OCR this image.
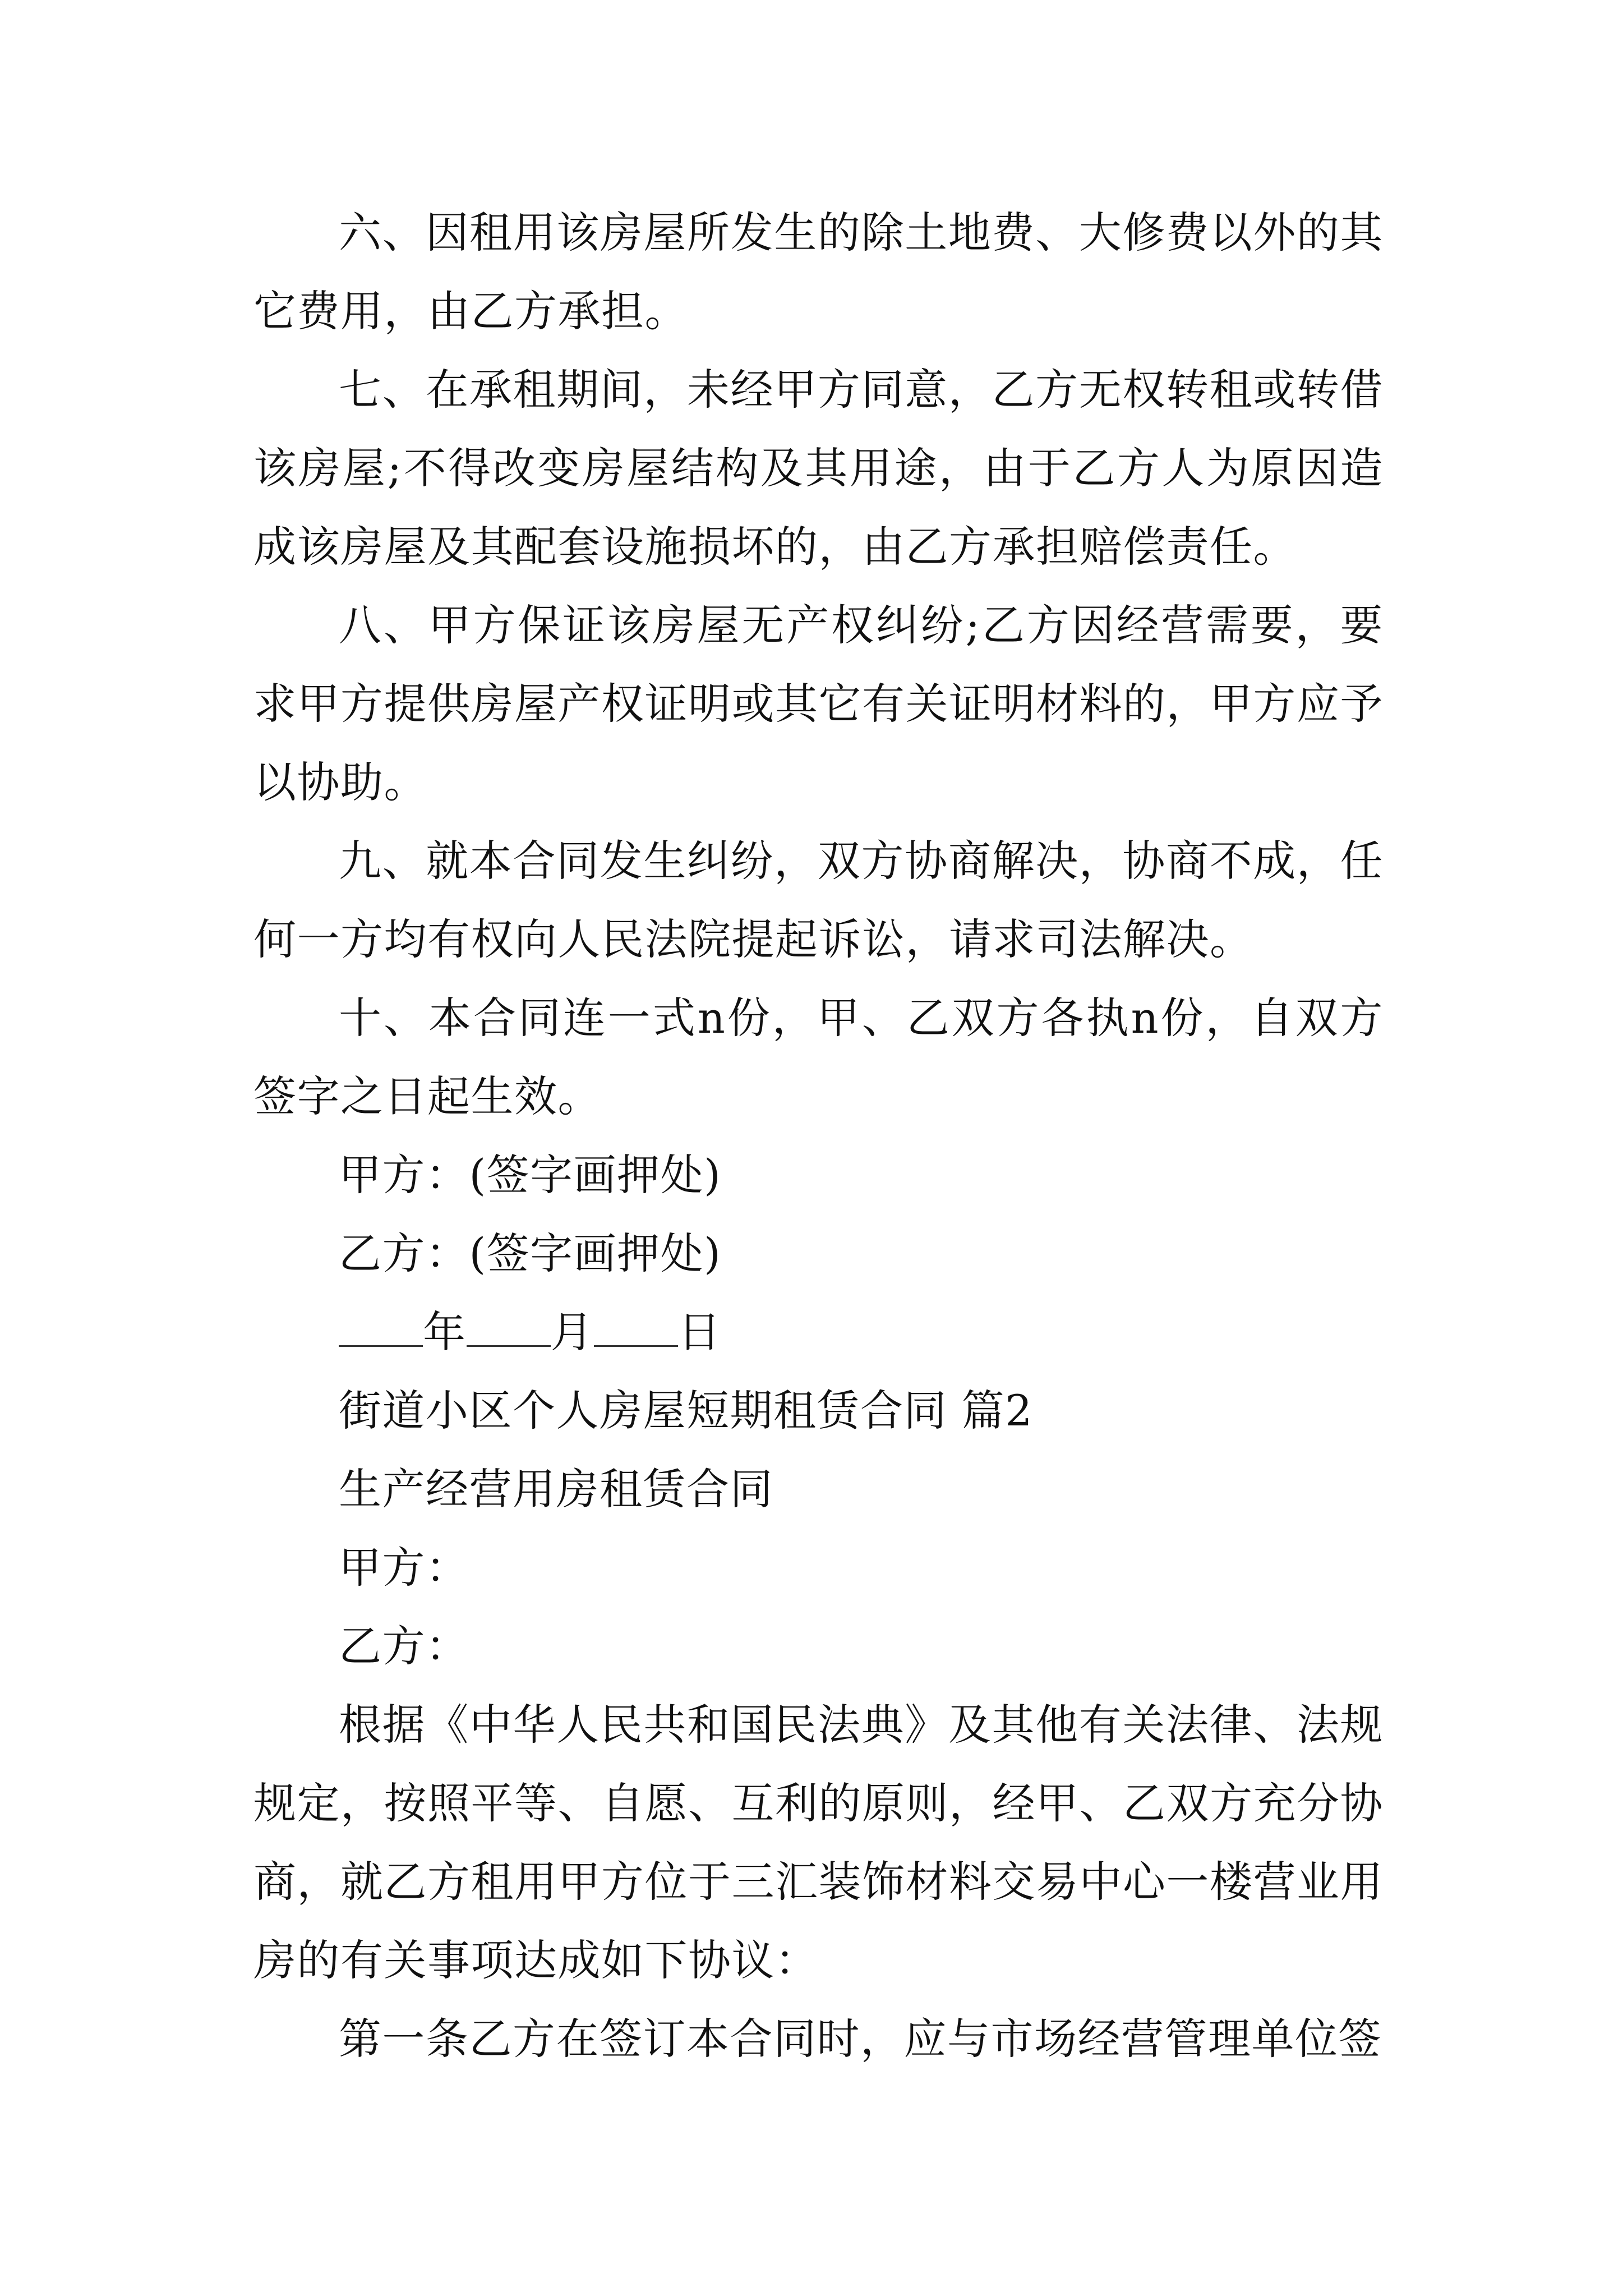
六、因租用该房屋所发生的除土地费、大修费以外的其它费用，由乙方承担。

七、在承租期间，未经甲方同意，乙方无权转租或转借该房屋;不得改变房屋结构及其用途，由于乙方人为原因造成该房屋及其配套设施损坏的，由乙方承担赔偿责任。

八、甲方保证该房屋无产权纠纷;乙方因经营需要，要求甲方提供房屋产权证明或其它有关证明材料的，甲方应予以协助。

九、就本合同发生纠纷，双方协商解决，协商不成，任何一方均有权向人民法院提起诉讼，请求司法解决。

十、本合同连一式n份，甲、乙双方各执n份，自双方签字之日起生效。

甲方：(签字画押处)
乙方：(签字画押处)
年 月 日
街道小区个人房屋短期租赁合同 篇2
生产经营用房租赁合同
甲方：
乙方：

根据《中华人民共和国民法典》及其他有关法律、法规规定，按照平等、自愿、互利的原则，经甲、乙双方充分协商，就乙方租用甲方位于三汇装饰材料交易中心一楼营业用房的有关事项达成如下协议：

第一条乙方在签订本合同时，应与市场经营管理单位签
